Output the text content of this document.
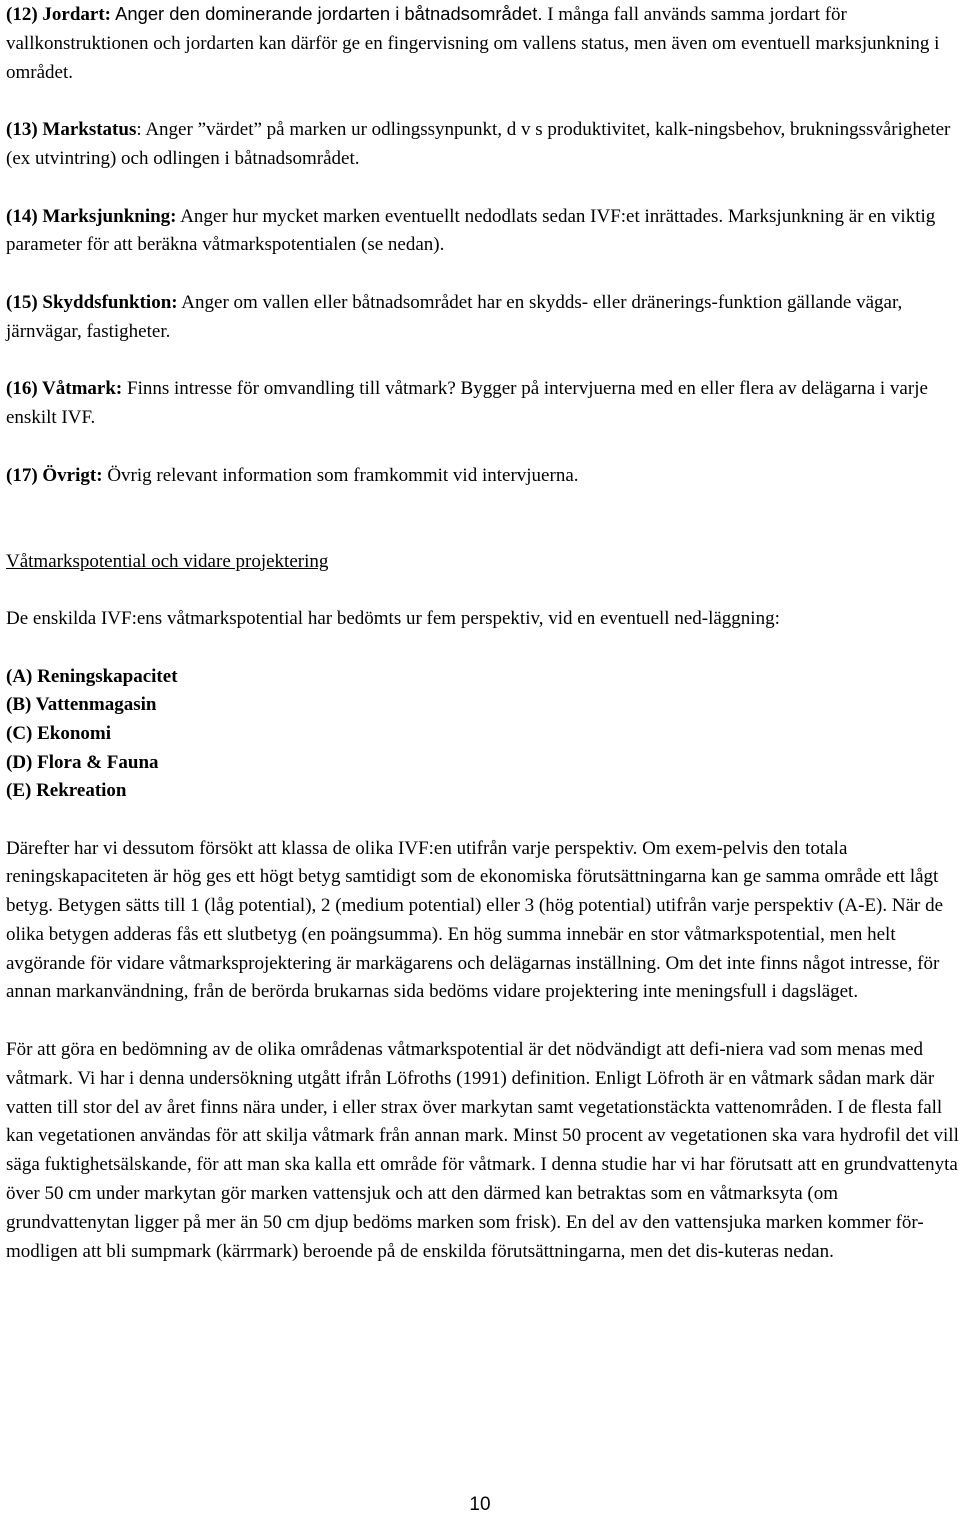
(12) Jordart: Anger den dominerande jordarten i båtnadsområdet. I många fall används samma jordart för vallkonstruktionen och jordarten kan därför ge en fingervisning om vallens status, men även om eventuell marksjunkning i området.

(13) Markstatus: Anger ”värdet” på marken ur odlingssynpunkt, d v s produktivitet, kalk-ningsbehov, brukningssvårigheter (ex utvintring) och odlingen i båtnadsområdet.

(14) Marksjunkning: Anger hur mycket marken eventuellt nedodlats sedan IVF:et inrättades. Marksjunkning är en viktig parameter för att beräkna våtmarkspotentialen (se nedan).

(15) Skyddsfunktion: Anger om vallen eller båtnadsområdet har en skydds- eller dränerings-funktion gällande vägar, järnvägar, fastigheter.

(16) Våtmark: Finns intresse för omvandling till våtmark? Bygger på intervjuerna med en eller flera av delägarna i varje enskilt IVF.

(17) Övrigt: Övrig relevant information som framkommit vid intervjuerna.

Våtmarkspotential och vidare projektering

De enskilda IVF:ens våtmarkspotential har bedömts ur fem perspektiv, vid en eventuell ned-läggning:

(A) Reningskapacitet

(B) Vattenmagasin

(C) Ekonomi

(D) Flora & Fauna

(E) Rekreation

Därefter har vi dessutom försökt att klassa de olika IVF:en utifrån varje perspektiv. Om exem-pelvis den totala reningskapaciteten är hög ges ett högt betyg samtidigt som de ekonomiska förutsättningarna kan ge samma område ett lågt betyg. Betygen sätts till 1 (låg potential), 2 (medium potential) eller 3 (hög potential) utifrån varje perspektiv (A-E). När de olika betygen adderas fås ett slutbetyg (en poängsumma). En hög summa innebär en stor våtmarkspotential, men helt avgörande för vidare våtmarksprojektering är markägarens och delägarnas inställning. Om det inte finns något intresse, för annan markanvändning, från de berörda brukarnas sida bedöms vidare projektering inte meningsfull i dagsläget.

För att göra en bedömning av de olika områdenas våtmarkspotential är det nödvändigt att defi-niera vad som menas med våtmark. Vi har i denna undersökning utgått ifrån Löfroths (1991) definition. Enligt Löfroth är en våtmark sådan mark där vatten till stor del av året finns nära under, i eller strax över markytan samt vegetationstäckta vattenområden. I de flesta fall kan vegetationen användas för att skilja våtmark från annan mark. Minst 50 procent av vegetationen ska vara hydrofil det vill säga fuktighetsälskande, för att man ska kalla ett område för våtmark. I denna studie har vi har förutsatt att en grundvattenyta över 50 cm under markytan gör marken vattensjuk och att den därmed kan betraktas som en våtmarksyta (om grundvattenytan ligger på mer än 50 cm djup bedöms marken som frisk). En del av den vattensjuka marken kommer för-modligen att bli sumpmark (kärrmark) beroende på de enskilda förutsättningarna, men det dis-kuteras nedan.

10
